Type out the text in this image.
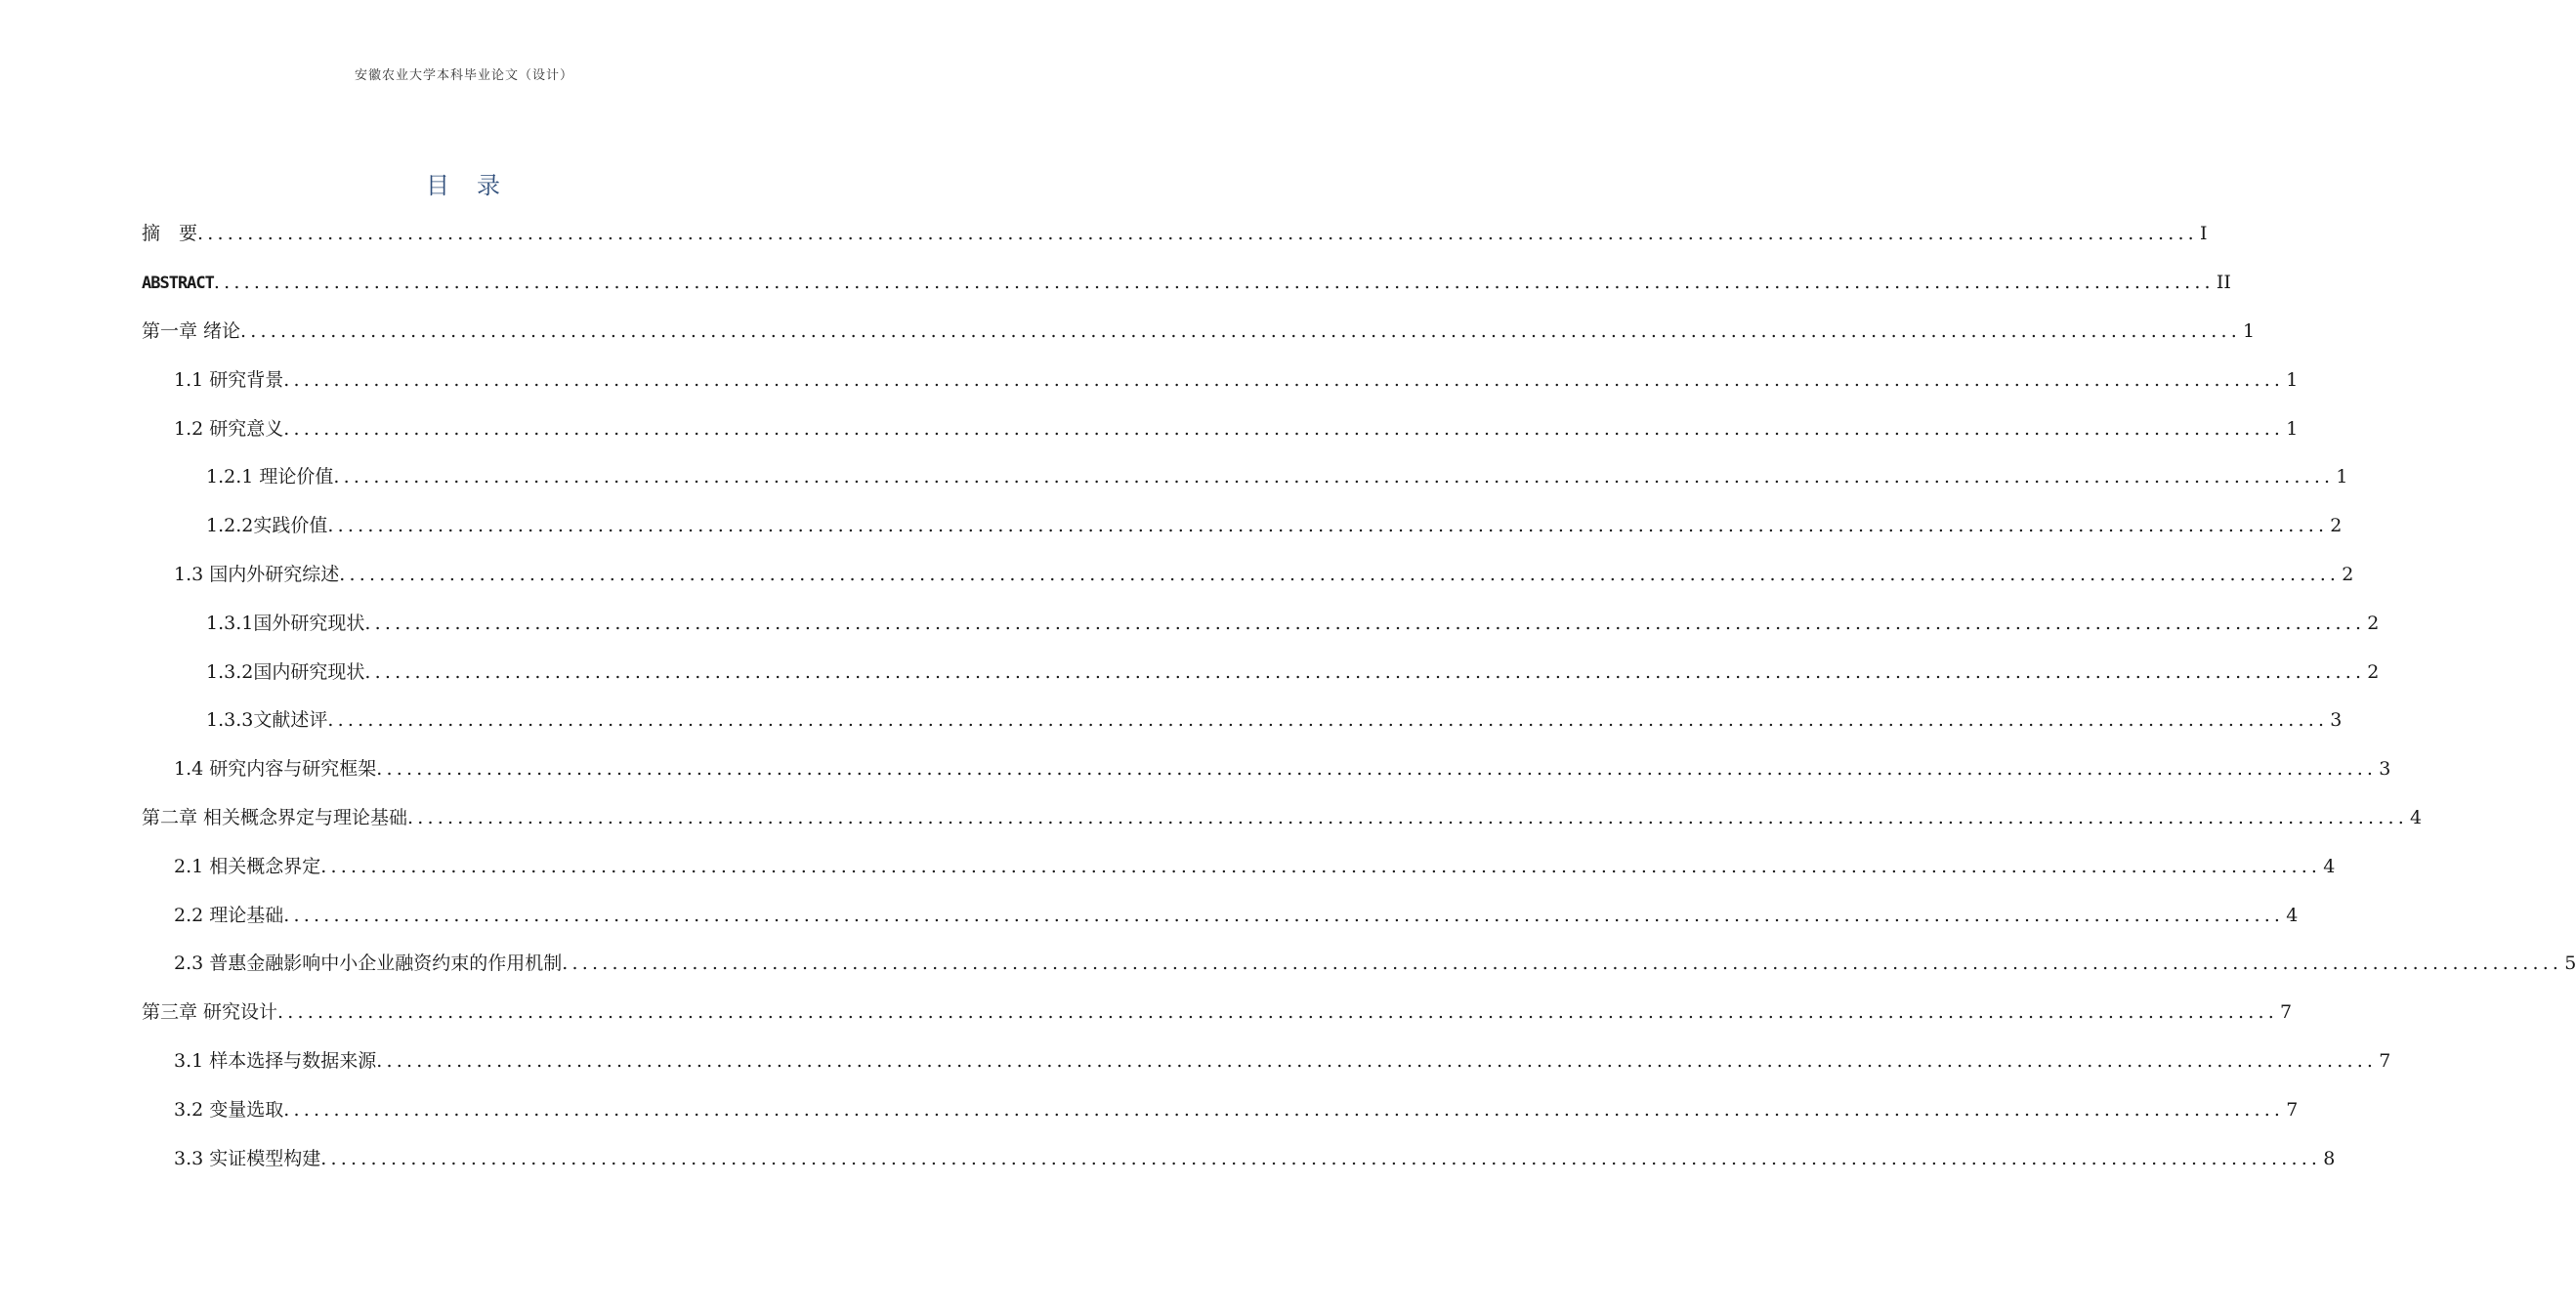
安徽农业大学本科毕业论文（设计）
目 录
摘　要 ........................................................................................................................................................................................................ I
ABSTRACT ........................................................................................................................................................................................................ II
第一章 绪论 ........................................................................................................................................................................................................ 1
1.1 研究背景 ........................................................................................................................................................................................................ 1
1.2 研究意义 ........................................................................................................................................................................................................ 1
1.2.1 理论价值 ........................................................................................................................................................................................................ 1
1.2.2实践价值 ........................................................................................................................................................................................................ 2
1.3 国内外研究综述 ........................................................................................................................................................................................................ 2
1.3.1国外研究现状 ........................................................................................................................................................................................................ 2
1.3.2国内研究现状 ........................................................................................................................................................................................................ 2
1.3.3文献述评 ........................................................................................................................................................................................................ 3
1.4 研究内容与研究框架 ........................................................................................................................................................................................................ 3
第二章 相关概念界定与理论基础 ........................................................................................................................................................................................................ 4
2.1 相关概念界定 ........................................................................................................................................................................................................ 4
2.2 理论基础 ........................................................................................................................................................................................................ 4
2.3 普惠金融影响中小企业融资约束的作用机制 ........................................................................................................................................................................................................ 5
第三章 研究设计 ........................................................................................................................................................................................................ 7
3.1 样本选择与数据来源 ........................................................................................................................................................................................................ 7
3.2 变量选取 ........................................................................................................................................................................................................ 7
3.3 实证模型构建 ........................................................................................................................................................................................................ 8
